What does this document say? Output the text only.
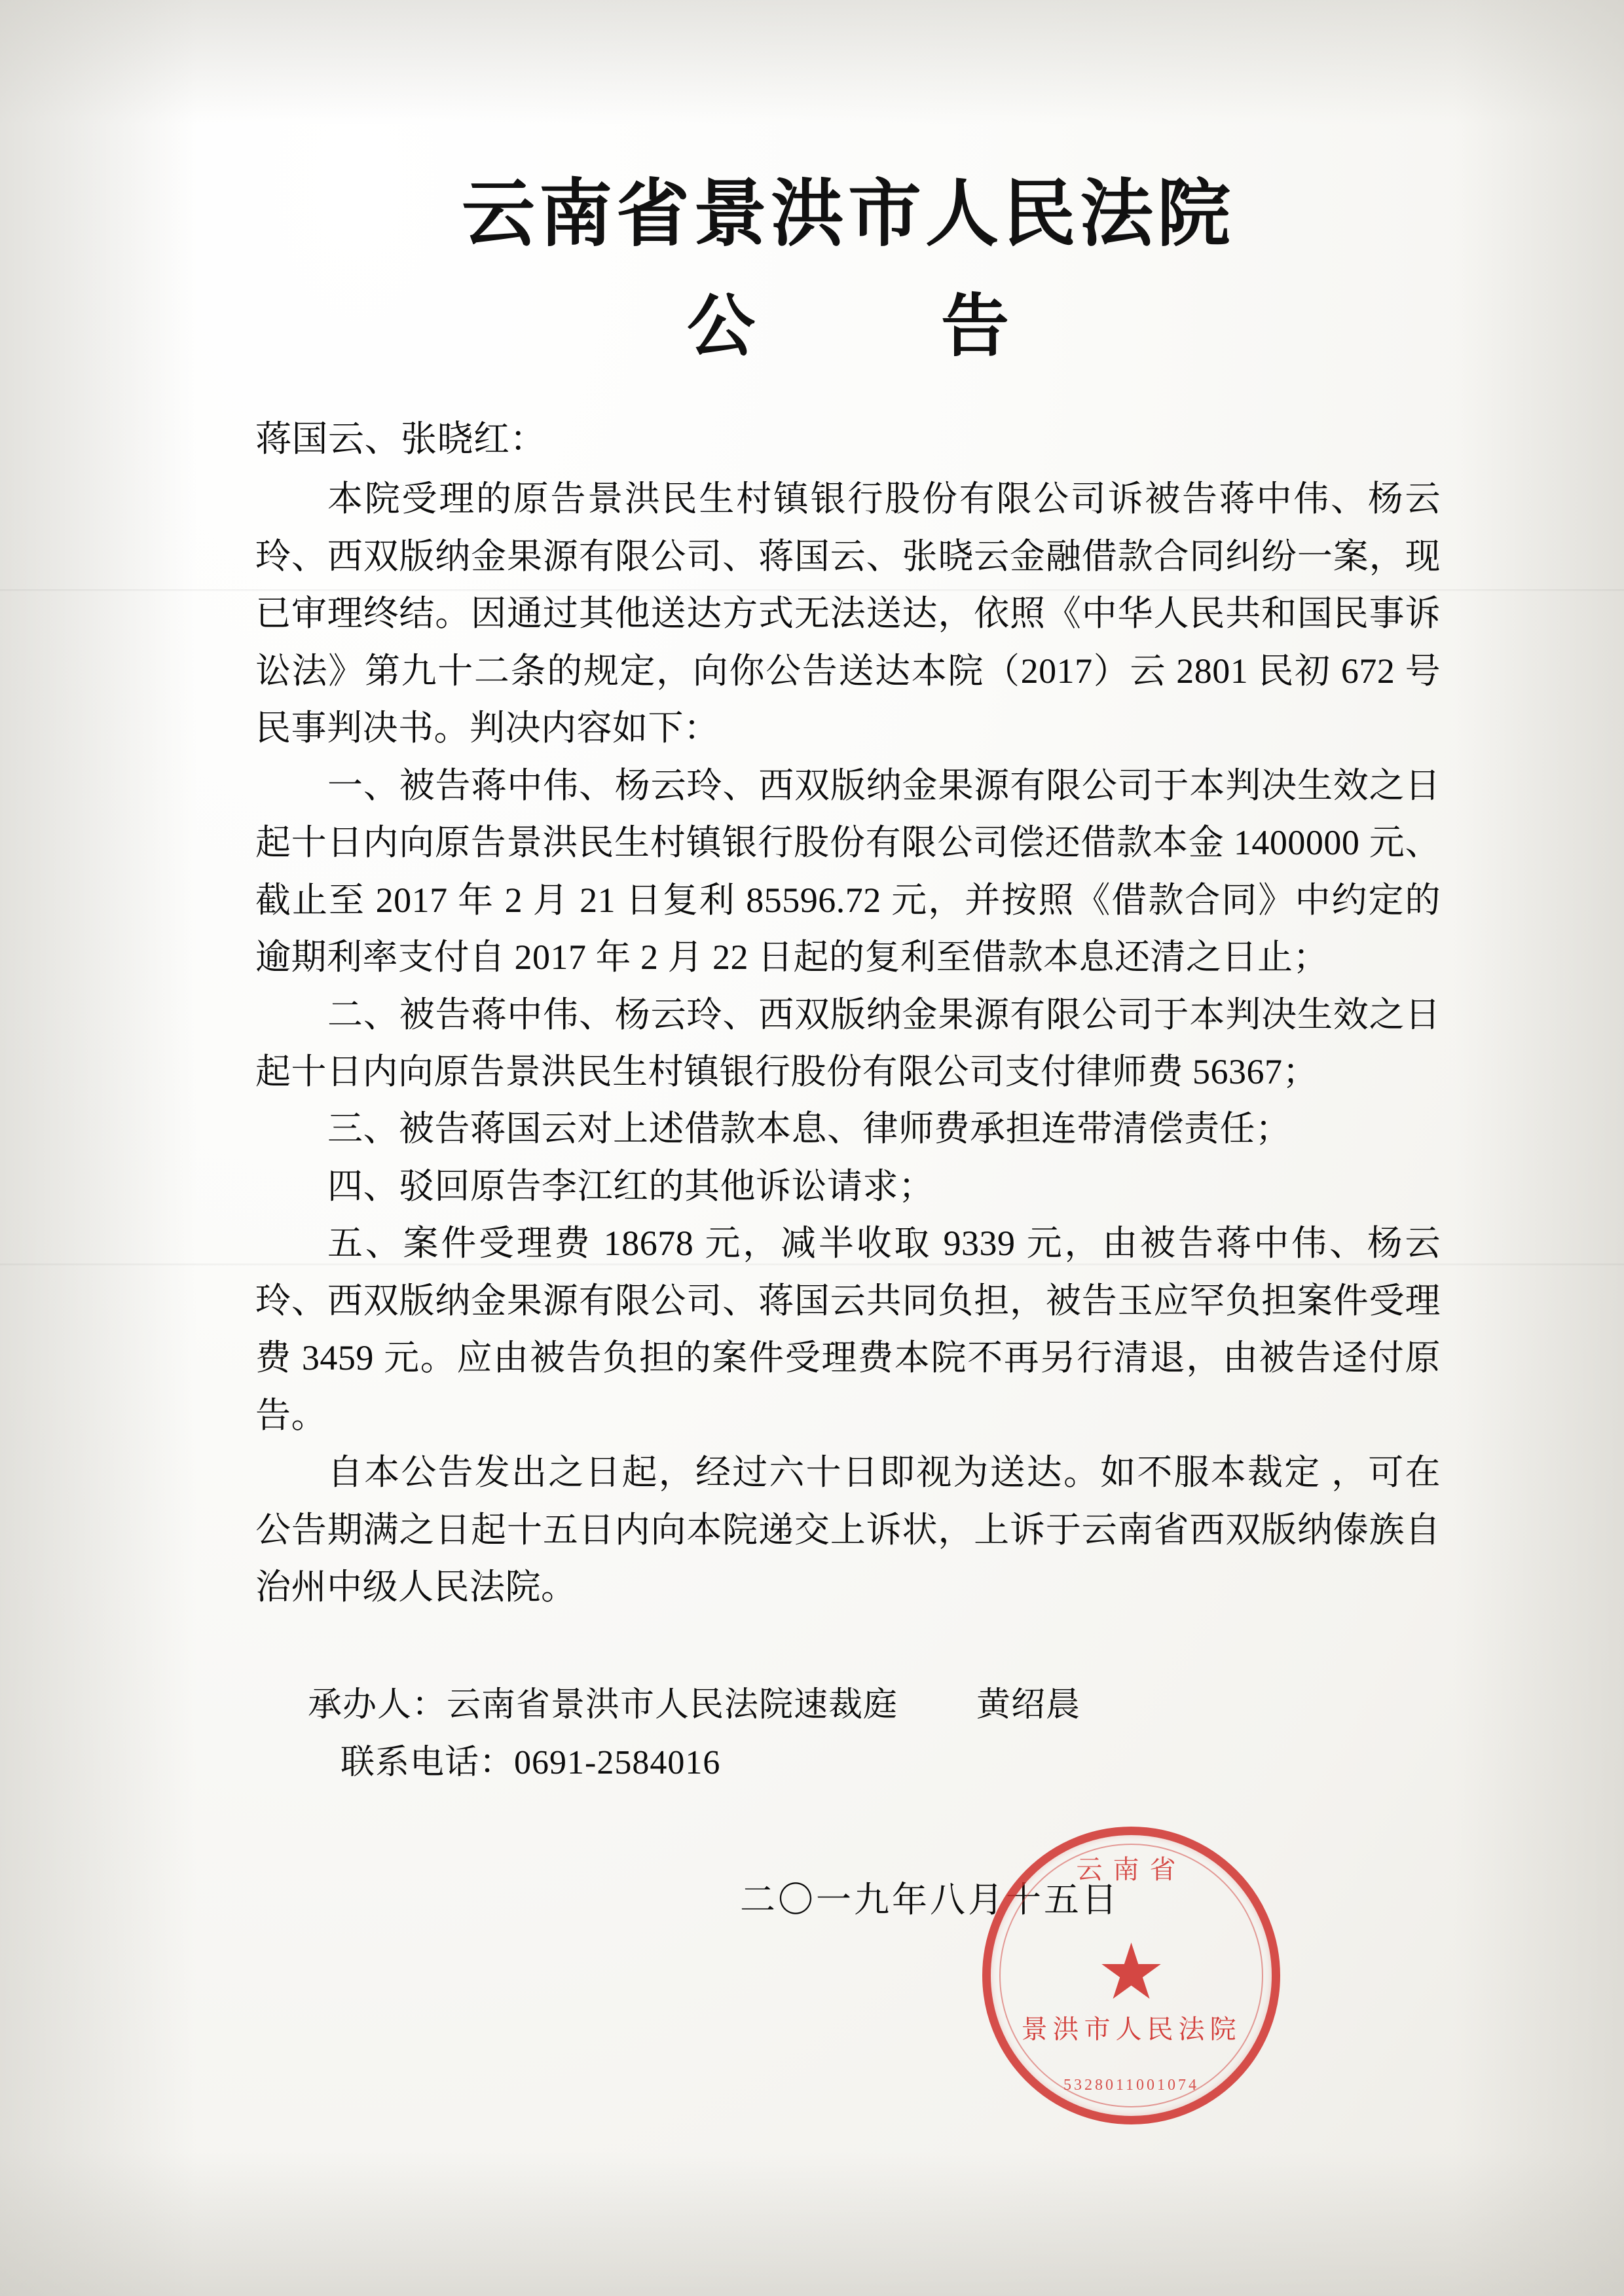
云南省景洪市人民法院
公　告

蒋国云、张晓红：

本院受理的原告景洪民生村镇银行股份有限公司诉被告蒋中伟、杨云玲、西双版纳金果源有限公司、蒋国云、张晓云金融借款合同纠纷一案，现已审理终结。因通过其他送达方式无法送达，依照《中华人民共和国民事诉讼法》第九十二条的规定，向你公告送达本院（2017）云 2801 民初 672 号民事判决书。判决内容如下：

一、被告蒋中伟、杨云玲、西双版纳金果源有限公司于本判决生效之日起十日内向原告景洪民生村镇银行股份有限公司偿还借款本金 1400000 元、截止至 2017 年 2 月 21 日复利 85596.72 元，并按照《借款合同》中约定的逾期利率支付自 2017 年 2 月 22 日起的复利至借款本息还清之日止；

二、被告蒋中伟、杨云玲、西双版纳金果源有限公司于本判决生效之日起十日内向原告景洪民生村镇银行股份有限公司支付律师费 56367；

三、被告蒋国云对上述借款本息、律师费承担连带清偿责任；

四、驳回原告李江红的其他诉讼请求；

五、案件受理费 18678 元，减半收取 9339 元，由被告蒋中伟、杨云玲、西双版纳金果源有限公司、蒋国云共同负担，被告玉应罕负担案件受理费 3459 元。应由被告负担的案件受理费本院不再另行清退，由被告迳付原告。

自本公告发出之日起，经过六十日即视为送达。如不服本裁定 ，可在公告期满之日起十五日内向本院递交上诉状，上诉于云南省西双版纳傣族自治州中级人民法院。

承办人：云南省景洪市人民法院速裁庭 黄绍晨
联系电话：0691-2584016
二〇一九年八月十五日
云南省
★
景洪市人民法院
5328011001074
